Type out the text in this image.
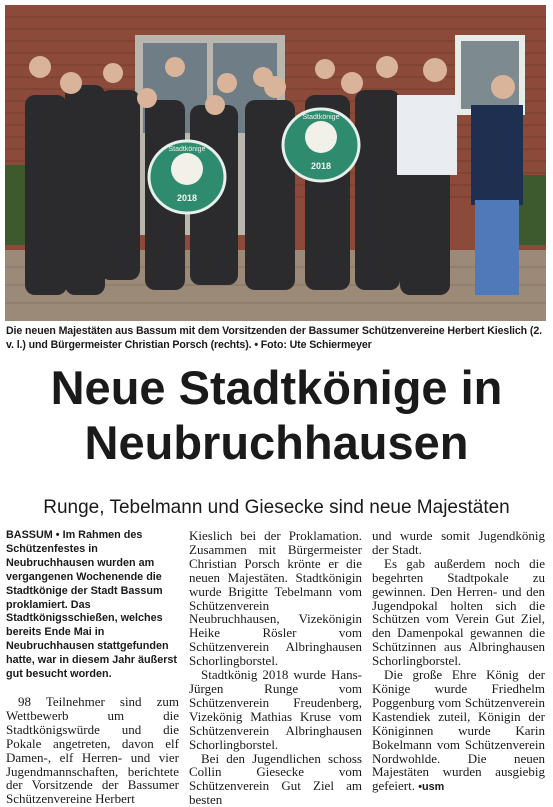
Stadtkönige
2018
Stadtkönige
2018
Die neuen Majestäten aus Bassum mit dem Vorsitzenden der Bassumer Schützenvereine Herbert Kieslich (2. v. l.) und Bürgermeister Christian Porsch (rechts). • Foto: Ute Schiermeyer
Neue Stadtkönige in
Neubruchhausen
Runge, Tebelmann und Giesecke sind neue Majestäten

BASSUM • Im Rahmen des Schützenfestes in Neubruchhausen wurden am vergangenen Wochenende die Stadtkönige der Stadt Bassum proklamiert. Das Stadtkönigsschießen, welches bereits Ende Mai in Neubruchhausen stattgefunden hatte, war in diesem Jahr äußerst gut besucht worden.

98 Teilnehmer sind zum Wettbewerb um die Stadtkönigswürde und die Pokale angetreten, davon elf Damen-, elf Herren- und vier Jugendmannschaften, berichtete der Vorsitzende der Bassumer Schützenvereine Herbert

Kieslich bei der Proklamation. Zusammen mit Bürgermeister Christian Porsch krönte er die neuen Majestäten. Stadtkönigin wurde Brigitte Tebelmann vom Schützenverein Neubruchhausen, Vizekönigin Heike Rösler vom Schützenverein Albringhausen Schorlingborstel.

Stadtkönig 2018 wurde Hans-Jürgen Runge vom Schützenverein Freudenberg, Vizekönig Mathias Kruse vom Schützenverein Albringhausen Schorlingborstel.

Bei den Jugendlichen schoss Collin Giesecke vom Schützenverein Gut Ziel am besten

und wurde somit Jugendkönig der Stadt.

Es gab außerdem noch die begehrten Stadtpokale zu gewinnen. Den Herren- und den Jugendpokal holten sich die Schützen vom Verein Gut Ziel, den Damenpokal gewannen die Schützinnen aus Albringhausen Schorlingborstel.

Die große Ehre König der Könige wurde Friedhelm Poggenburg vom Schützenverein Kastendiek zuteil, Königin der Königinnen wurde Karin Bokelmann vom Schützenverein Nordwohlde. Die neuen Majestäten wurden ausgiebig gefeiert. •usm
